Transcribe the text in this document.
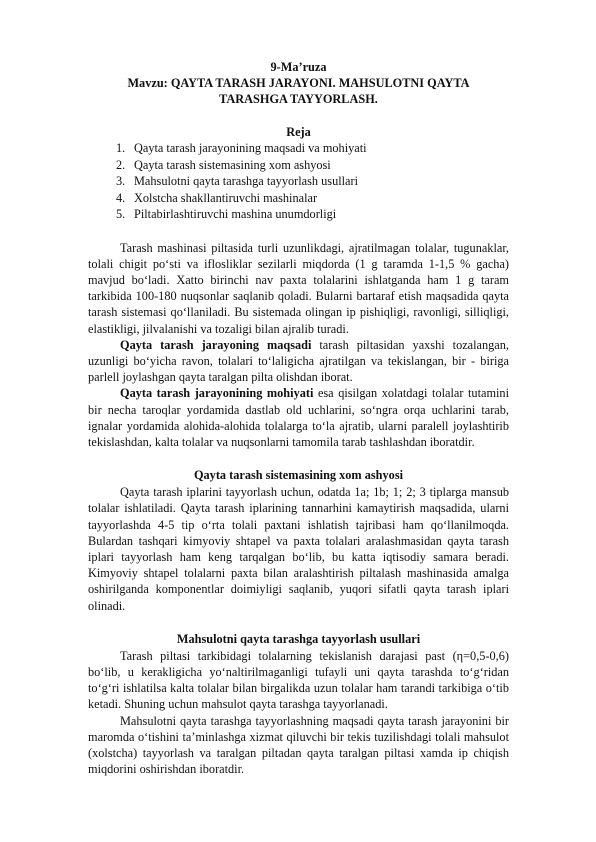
9-Ma’ruza
Mavzu: QAYTA TARASH JARAYONI. MAHSULOTNI QAYTA
TARASHGA TAYYORLASH.
Reja
1. Qayta tarash jarayonining maqsadi va mohiyati
2. Qayta tarash sistemasining xom ashyosi
3. Mahsulotni qayta tarashga tayyorlash usullari
4. Xolstcha shakllantiruvchi mashinalar
5. Piltabirlashtiruvchi mashina unumdorligi

Tarash mashinasi piltasida turli uzunlikdagi, ajratilmagan tolalar, tugunaklar, tolali chigit po‘sti va iflosliklar sezilarli miqdorda (1 g taramda 1-1,5 % gacha) mavjud bo‘ladi. Xatto birinchi nav paxta tolalarini ishlatganda ham 1 g taram tarkibida 100-180 nuqsonlar saqlanib qoladi. Bularni bartaraf etish maqsadida qayta tarash sistemasi qo‘llaniladi. Bu sistemada olingan ip pishiqligi, ravonligi, silliqligi, elastikligi, jilvalanishi va tozaligi bilan ajralib turadi.

Qayta tarash jarayoning maqsadi tarash piltasidan yaxshi tozalangan, uzunligi bo‘yicha ravon, tolalari to‘laligicha ajratilgan va tekislangan, bir - biriga parlell joylashgan qayta taralgan pilta olishdan iborat.

Qayta tarash jarayonining mohiyati esa qisilgan xolatdagi tolalar tutamini bir necha taroqlar yordamida dastlab old uchlarini, so‘ngra orqa uchlarini tarab, ignalar yordamida alohida-alohida tolalarga to‘la ajratib, ularni paralell joylashtirib tekislashdan, kalta tolalar va nuqsonlarni tamomila tarab tashlashdan iboratdir.

Qayta tarash sistemasining xom ashyosi

Qayta tarash iplarini tayyorlash uchun, odatda 1a; 1b; 1; 2; 3 tiplarga mansub tolalar ishlatiladi. Qayta tarash iplarining tannarhini kamaytirish maqsadida, ularni tayyorlashda 4-5 tip o‘rta tolali paxtani ishlatish tajribasi ham qo‘llanilmoqda. Bulardan tashqari kimyoviy shtapel va paxta tolalari aralashmasidan qayta tarash iplari tayyorlash ham keng tarqalgan bo‘lib, bu katta iqtisodiy samara beradi. Kimyoviy shtapel tolalarni paxta bilan aralashtirish piltalash mashinasida amalga oshirilganda komponentlar doimiyligi saqlanib, yuqori sifatli qayta tarash iplari olinadi.

Mahsulotni qayta tarashga tayyorlash usullari

Tarash piltasi tarkibidagi tolalarning tekislanish darajasi past (η=0,5-0,6) bo‘lib, u kerakligicha yo‘naltirilmaganligi tufayli uni qayta tarashda to‘g‘ridan to‘g‘ri ishlatilsa kalta tolalar bilan birgalikda uzun tolalar ham tarandi tarkibiga o‘tib ketadi. Shuning uchun mahsulot qayta tarashga tayyorlanadi.

Mahsulotni qayta tarashga tayyorlashning maqsadi qayta tarash jarayonini bir maromda o‘tishini ta’minlashga xizmat qiluvchi bir tekis tuzilishdagi tolali mahsulot (xolstcha) tayyorlash va taralgan piltadan qayta taralgan piltasi xamda ip chiqish miqdorini oshirishdan iboratdir.
